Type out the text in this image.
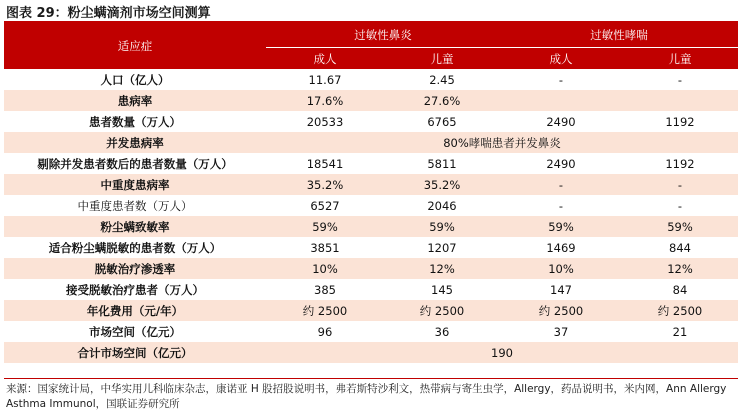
图表 29：粉尘螨滴剂市场空间测算
适应症	过敏性鼻炎		过敏性哮喘	
	成人	儿童	成人	儿童
人口（亿人）	11.67	2.45	-	-
患病率	17.6%	27.6%		
患者数量（万人）	20533	6765	2490	1192
并发患病率	80%哮喘患者并发鼻炎			
剔除并发患者数后的患者数量（万人）	18541	5811	2490	1192
中重度患病率	35.2%	35.2%	-	-
中重度患者数（万人）	6527	2046	-	-
粉尘螨致敏率	59%	59%	59%	59%
适合粉尘螨脱敏的患者数（万人）	3851	1207	1469	844
脱敏治疗渗透率	10%	12%	10%	12%
接受脱敏治疗患者（万人）	385	145	147	84
年化费用（元/年）	约 2500	约 2500	约 2500	约 2500
市场空间（亿元）	96	36	37	21
合计市场空间（亿元）	190			
来源：国家统计局，中华实用儿科临床杂志，康诺亚 H 股招股说明书，弗若斯特沙利文，热带病与寄生虫学，Allergy，药品说明书，米内网，Ann Allergy Asthma Immunol，国联证券研究所
